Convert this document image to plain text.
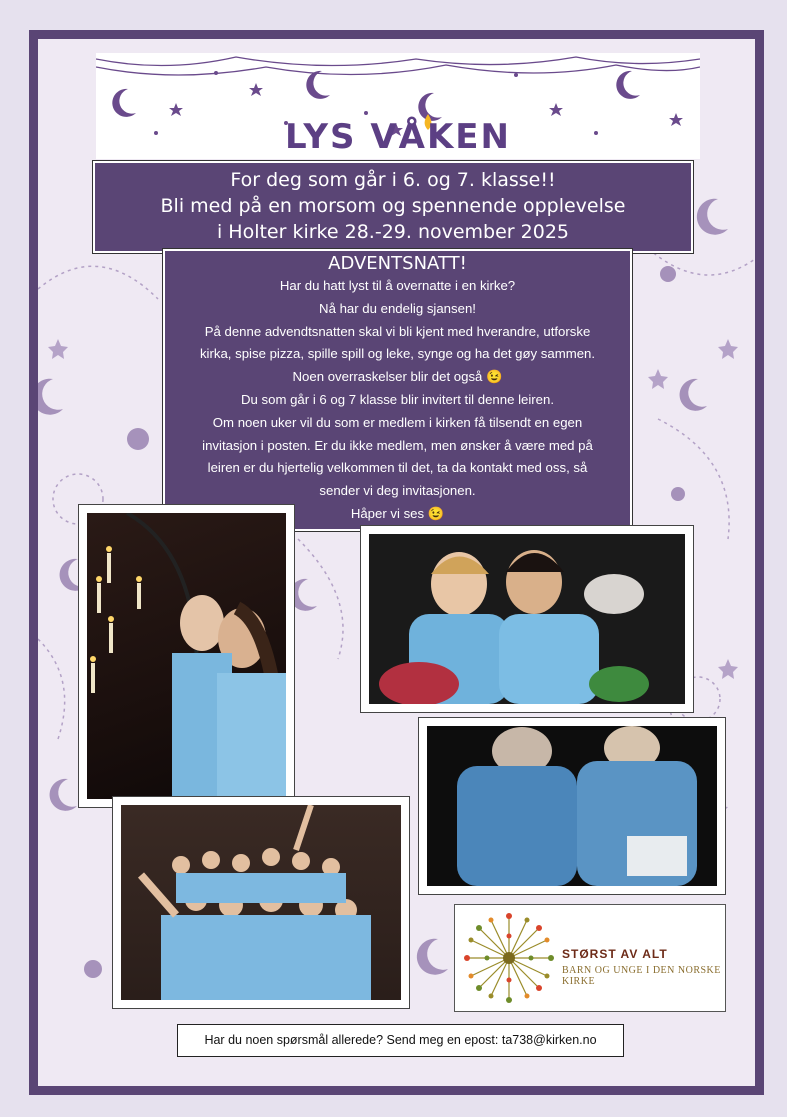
LYS VÅKEN
For deg som går i 6. og 7. klasse!!
Bli med på en morsom og spennende opplevelse
i Holter kirke 28.-29. november 2025
ADVENTSNATT!
Har du hatt lyst til å overnatte i en kirke?
Nå har du endelig sjansen!
På denne advendtsnatten skal vi bli kjent med hverandre, utforske
kirka, spise pizza, spille spill og leke, synge og ha det gøy sammen.
Noen overraskelser blir det også 😉
Du som går i 6 og 7 klasse blir invitert til denne leiren.
Om noen uker vil du som er medlem i kirken få tilsendt en egen
invitasjon i posten. Er du ikke medlem, men ønsker å være med på
leiren er du hjertelig velkommen til det, ta da kontakt med oss, så
sender vi deg invitasjonen.
Håper vi ses 😉
STØRST AV ALT
BARN OG UNGE I DEN NORSKE KIRKE
Har du noen spørsmål allerede? Send meg en epost: ta738@kirken.no
